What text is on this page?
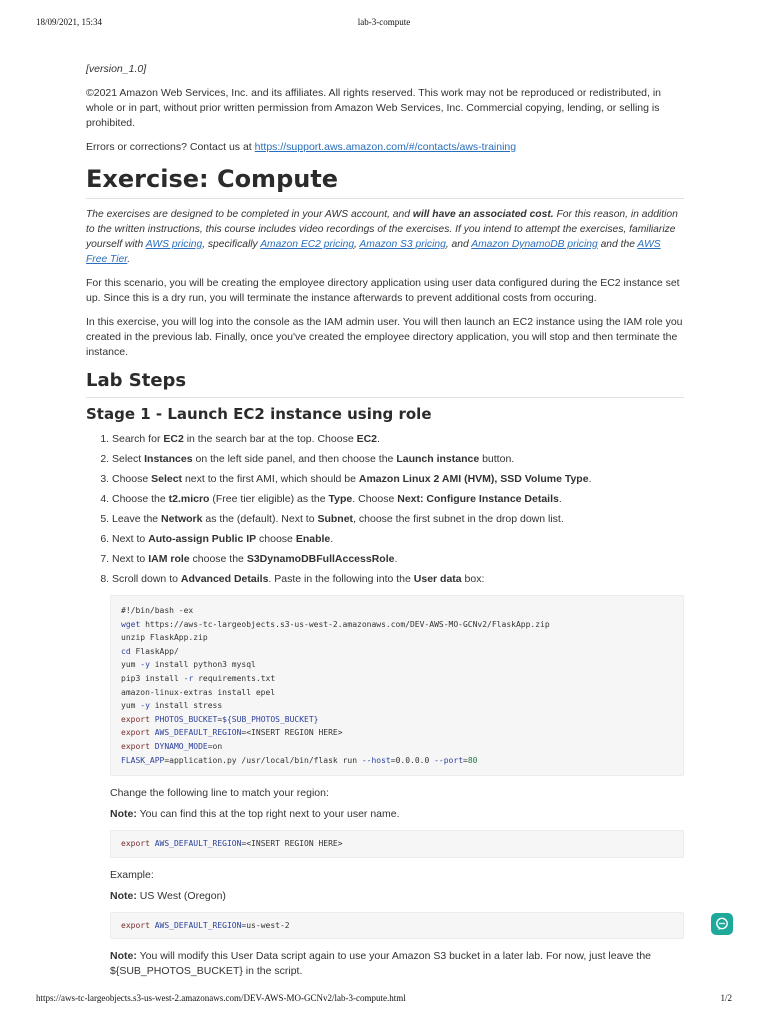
18/09/2021, 15:34	lab-3-compute

[version_1.0]

©2021 Amazon Web Services, Inc. and its affiliates. All rights reserved. This work may not be reproduced or redistributed, in whole or in part, without prior written permission from Amazon Web Services, Inc. Commercial copying, lending, or selling is prohibited.

Errors or corrections? Contact us at https://support.aws.amazon.com/#/contacts/aws-training

Exercise: Compute

The exercises are designed to be completed in your AWS account, and will have an associated cost. For this reason, in addition to the written instructions, this course includes video recordings of the exercises. If you intend to attempt the exercises, familiarize yourself with AWS pricing, specifically Amazon EC2 pricing, Amazon S3 pricing, and Amazon DynamoDB pricing and the AWS Free Tier.

For this scenario, you will be creating the employee directory application using user data configured during the EC2 instance set up. Since this is a dry run, you will terminate the instance afterwards to prevent additional costs from occuring.

In this exercise, you will log into the console as the IAM admin user. You will then launch an EC2 instance using the IAM role you created in the previous lab. Finally, once you've created the employee directory application, you will stop and then terminate the instance.

Lab Steps
Stage 1 - Launch EC2 instance using role
1. Search for EC2 in the search bar at the top. Choose EC2.
2. Select Instances on the left side panel, and then choose the Launch instance button.
3. Choose Select next to the first AMI, which should be Amazon Linux 2 AMI (HVM), SSD Volume Type.
4. Choose the t2.micro (Free tier eligible) as the Type. Choose Next: Configure Instance Details.
5. Leave the Network as the (default). Next to Subnet, choose the first subnet in the drop down list.
6. Next to Auto-assign Public IP choose Enable.
7. Next to IAM role choose the S3DynamoDBFullAccessRole.
8. Scroll down to Advanced Details. Paste in the following into the User data box:
#!/bin/bash -ex
wget https://aws-tc-largeobjects.s3-us-west-2.amazonaws.com/DEV-AWS-MO-GCNv2/FlaskApp.zip
unzip FlaskApp.zip
cd FlaskApp/
yum -y install python3 mysql
pip3 install -r requirements.txt
amazon-linux-extras install epel
yum -y install stress
export PHOTOS_BUCKET=${SUB_PHOTOS_BUCKET}
export AWS_DEFAULT_REGION=<INSERT REGION HERE>
export DYNAMO_MODE=on
FLASK_APP=application.py /usr/local/bin/flask run --host=0.0.0.0 --port=80

Change the following line to match your region:

Note: You can find this at the top right next to your user name.

export AWS_DEFAULT_REGION=<INSERT REGION HERE>

Example:

Note: US West (Oregon)

export AWS_DEFAULT_REGION=us-west-2

Note: You will modify this User Data script again to use your Amazon S3 bucket in a later lab. For now, just leave the ${SUB_PHOTOS_BUCKET} in the script.

https://aws-tc-largeobjects.s3-us-west-2.amazonaws.com/DEV-AWS-MO-GCNv2/lab-3-compute.html	1/2
